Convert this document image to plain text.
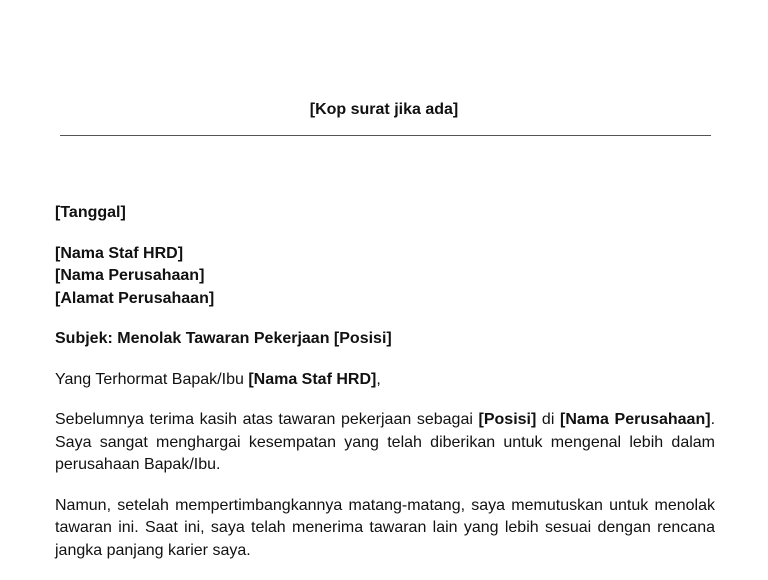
[Kop surat jika ada]

[Tanggal]

[Nama Staf HRD]
[Nama Perusahaan]
[Alamat Perusahaan]

Subjek: Menolak Tawaran Pekerjaan [Posisi]

Yang Terhormat Bapak/Ibu [Nama Staf HRD],

Sebelumnya terima kasih atas tawaran pekerjaan sebagai [Posisi] di [Nama Perusahaan]. Saya sangat menghargai kesempatan yang telah diberikan untuk mengenal lebih dalam perusahaan Bapak/Ibu.

Namun, setelah mempertimbangkannya matang-matang, saya memutuskan untuk menolak tawaran ini. Saat ini, saya telah menerima tawaran lain yang lebih sesuai dengan rencana jangka panjang karier saya.
